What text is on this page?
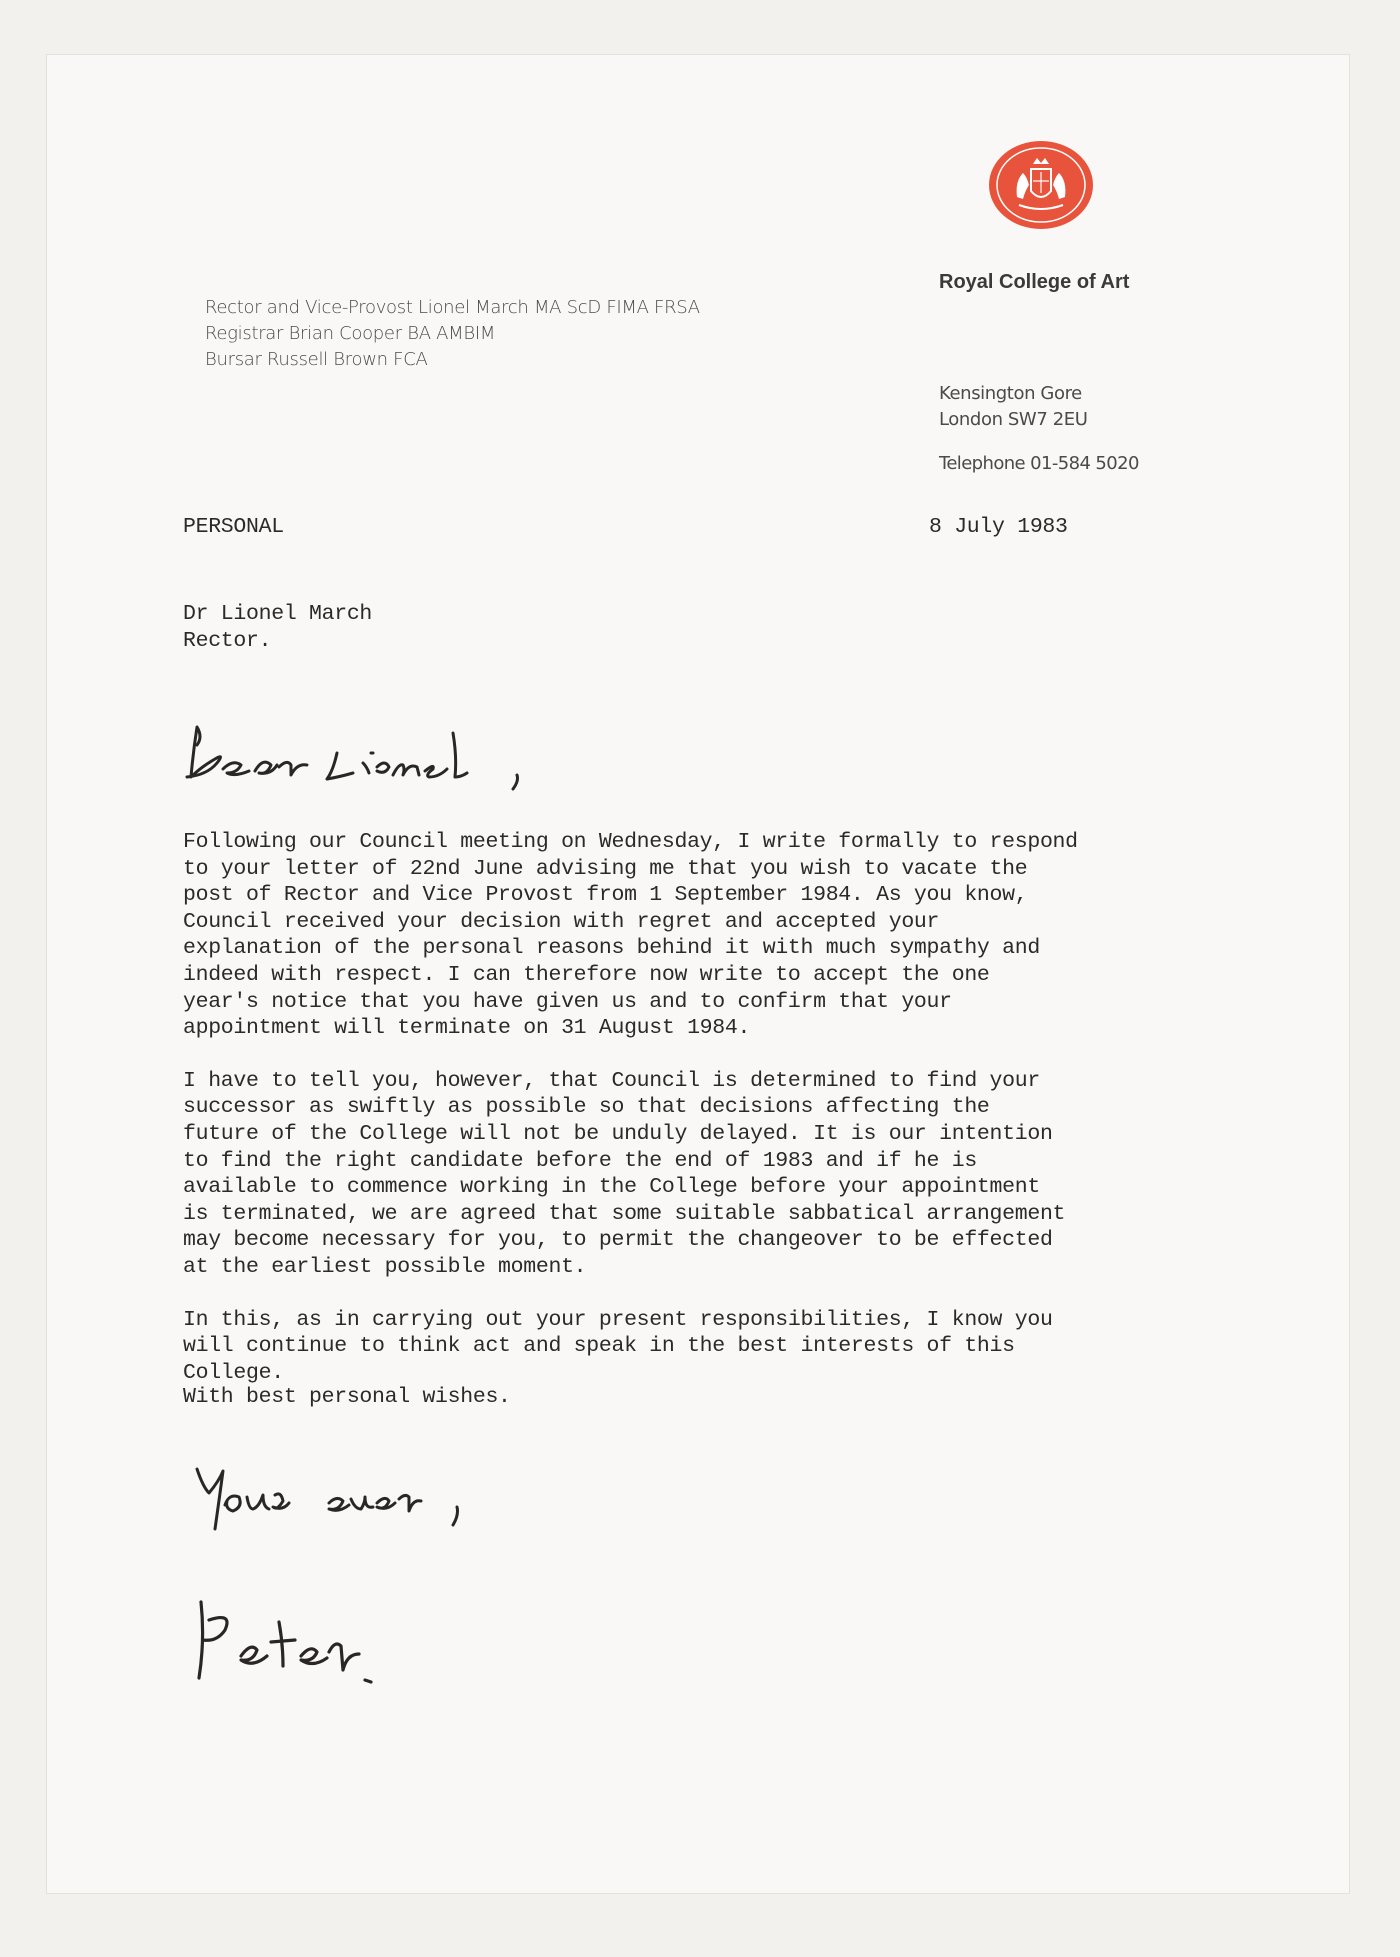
Royal College of Art
Rector and Vice-Provost Lionel March MA ScD FIMA FRSA
Registrar Brian Cooper BA AMBIM
Bursar Russell Brown FCA
Kensington Gore
London SW7 2EU
Telephone 01-584 5020
PERSONAL	8 July 1983
Dr Lionel March
Rector.
Dear Lionel ,

Following our Council meeting on Wednesday, I write formally to respond
to your letter of 22nd June advising me that you wish to vacate the
post of Rector and Vice Provost from 1 September 1984. As you know,
Council received your decision with regret and accepted your
explanation of the personal reasons behind it with much sympathy and
indeed with respect. I can therefore now write to accept the one
year's notice that you have given us and to confirm that your
appointment will terminate on 31 August 1984.

I have to tell you, however, that Council is determined to find your
successor as swiftly as possible so that decisions affecting the
future of the College will not be unduly delayed. It is our intention
to find the right candidate before the end of 1983 and if he is
available to commence working in the College before your appointment
is terminated, we are agreed that some suitable sabbatical arrangement
may become necessary for you, to permit the changeover to be effected
at the earliest possible moment.

In this, as in carrying out your present responsibilities, I know you
will continue to think act and speak in the best interests of this
College.

With best personal wishes.
Yours ever,
Peter.
